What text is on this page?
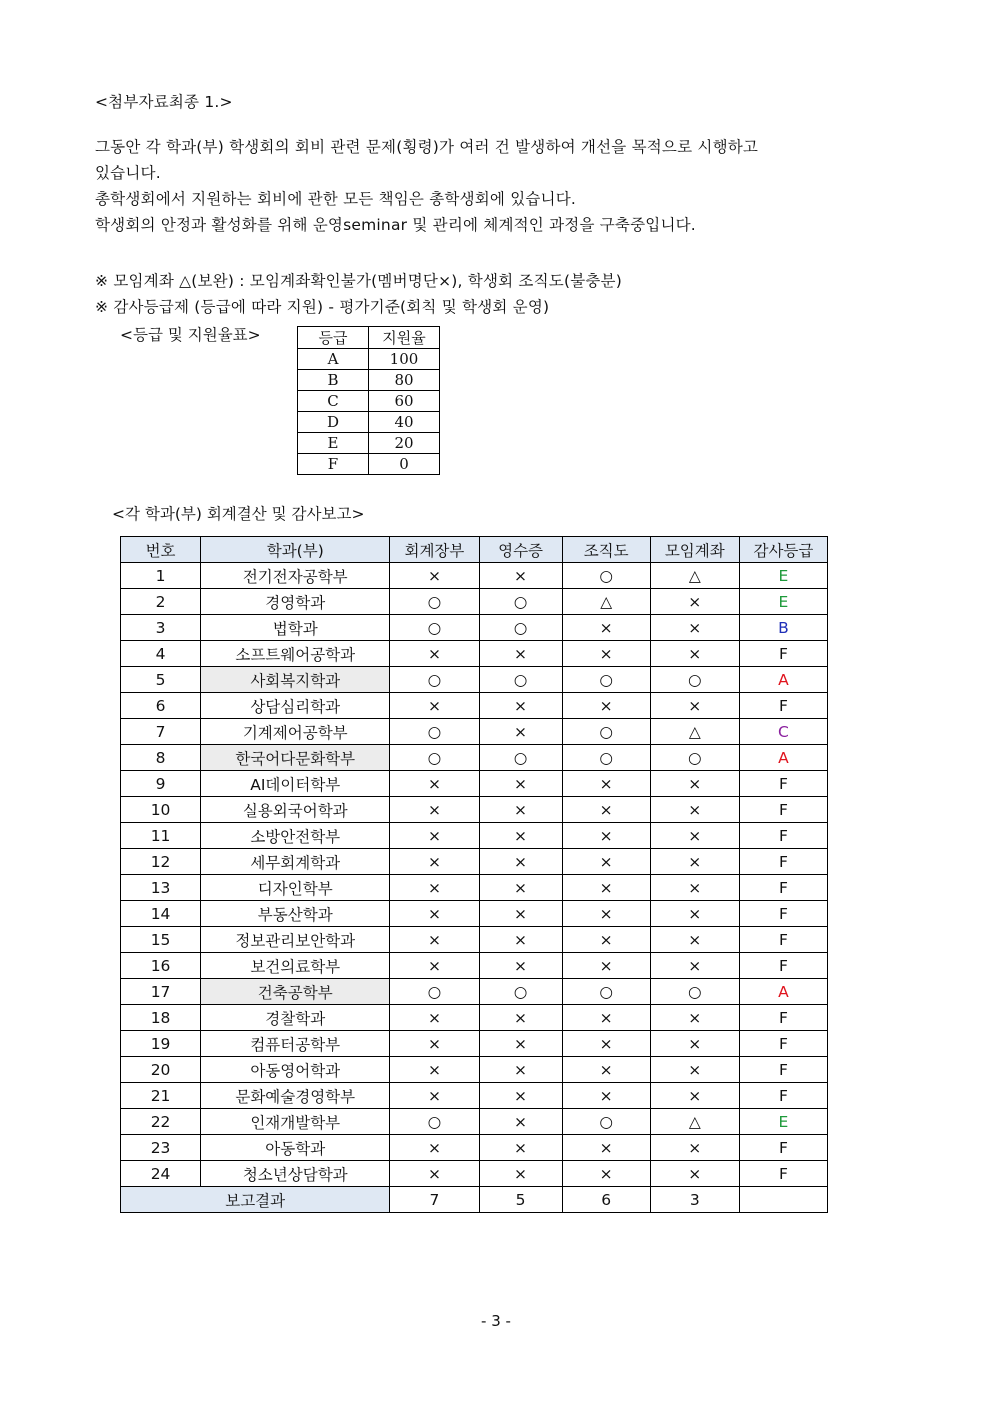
<첨부자료최종 1.>
그동안 각 학과(부) 학생회의 회비 관련 문제(횡령)가 여러 건 발생하여 개선을 목적으로 시행하고
있습니다.
총학생회에서 지원하는 회비에 관한 모든 책임은 총학생회에 있습니다.
학생회의 안정과 활성화를 위해 운영seminar 및 관리에 체계적인 과정을 구축중입니다.
※ 모임계좌 △(보완) : 모임계좌확인불가(멤버명단×), 학생회 조직도(불충분)
※ 감사등급제 (등급에 따라 지원) - 평가기준(회칙 및 학생회 운영)
<등급 및 지원율표>	등급	지원율
A	100
B	80
C	60
D	40
E	20
F	0
<각 학과(부) 회계결산 및 감사보고>
번호	학과(부)	회계장부	영수증	조직도	모임계좌	감사등급
1	전기전자공학부	×	×	○	△	E
2	경영학과	○	○	△	×	E
3	법학과	○	○	×	×	B
4	소프트웨어공학과	×	×	×	×	F
5	사회복지학과	○	○	○	○	A
6	상담심리학과	×	×	×	×	F
7	기계제어공학부	○	×	○	△	C
8	한국어다문화학부	○	○	○	○	A
9	AI데이터학부	×	×	×	×	F
10	실용외국어학과	×	×	×	×	F
11	소방안전학부	×	×	×	×	F
12	세무회계학과	×	×	×	×	F
13	디자인학부	×	×	×	×	F
14	부동산학과	×	×	×	×	F
15	정보관리보안학과	×	×	×	×	F
16	보건의료학부	×	×	×	×	F
17	건축공학부	○	○	○	○	A
18	경찰학과	×	×	×	×	F
19	컴퓨터공학부	×	×	×	×	F
20	아동영어학과	×	×	×	×	F
21	문화예술경영학부	×	×	×	×	F
22	인재개발학부	○	×	○	△	E
23	아동학과	×	×	×	×	F
24	청소년상담학과	×	×	×	×	F
보고결과		7	5	6	3	
- 3 -
